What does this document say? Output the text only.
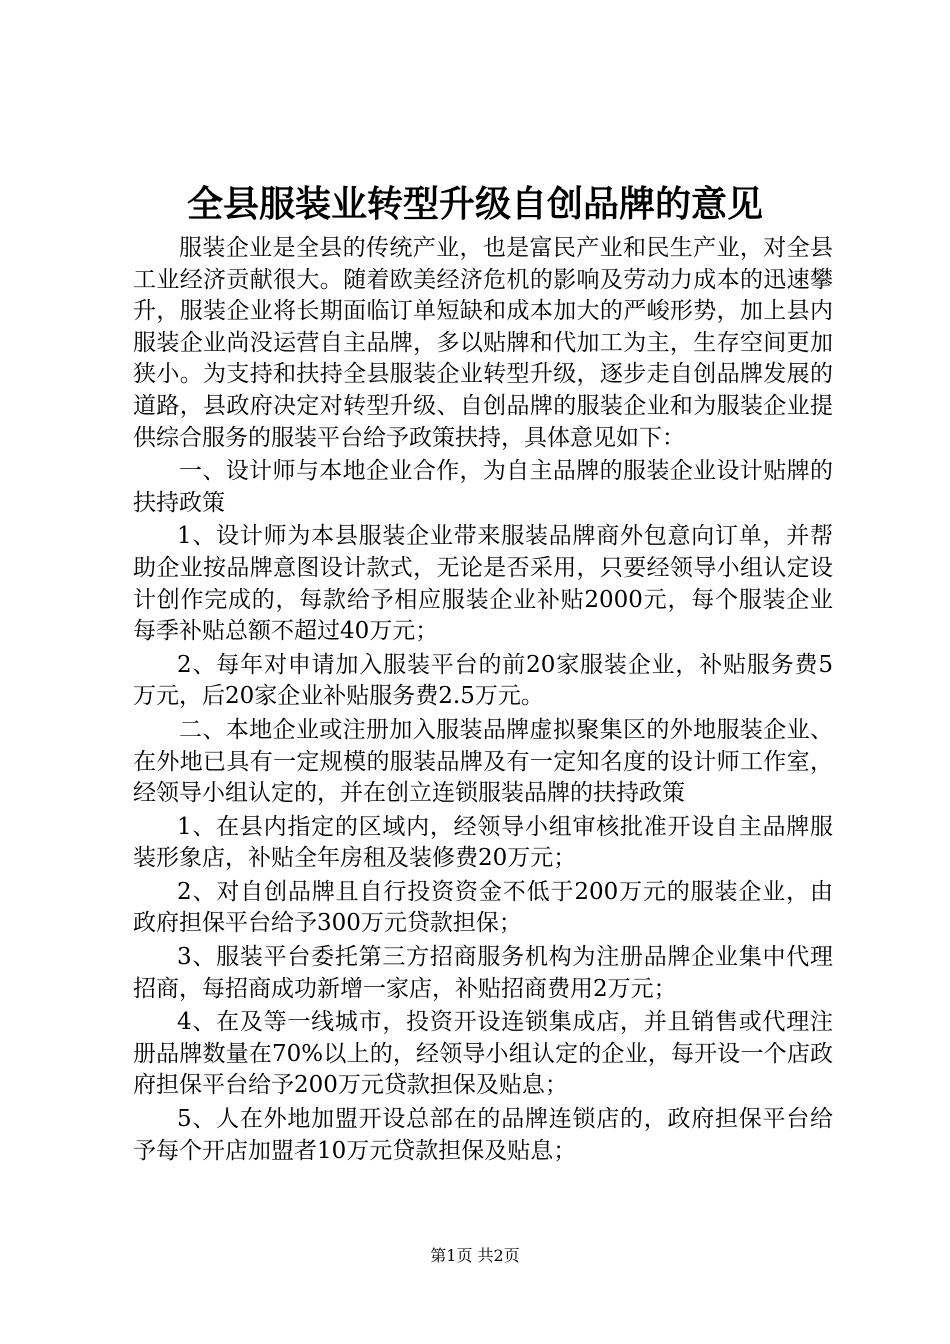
全县服装业转型升级自创品牌的意见

服装企业是全县的传统产业，也是富民产业和民生产业，对全县工业经济贡献很大。随着欧美经济危机的影响及劳动力成本的迅速攀升，服装企业将长期面临订单短缺和成本加大的严峻形势，加上县内服装企业尚没运营自主品牌，多以贴牌和代加工为主，生存空间更加狭小。为支持和扶持全县服装企业转型升级，逐步走自创品牌发展的道路，县政府决定对转型升级、自创品牌的服装企业和为服装企业提供综合服务的服装平台给予政策扶持，具体意见如下：

一、设计师与本地企业合作，为自主品牌的服装企业设计贴牌的扶持政策

1、设计师为本县服装企业带来服装品牌商外包意向订单，并帮助企业按品牌意图设计款式，无论是否采用，只要经领导小组认定设计创作完成的，每款给予相应服装企业补贴2000元，每个服装企业每季补贴总额不超过40万元；

2、每年对申请加入服装平台的前20家服装企业，补贴服务费5万元，后20家企业补贴服务费2.5万元。

二、本地企业或注册加入服装品牌虚拟聚集区的外地服装企业、在外地已具有一定规模的服装品牌及有一定知名度的设计师工作室，经领导小组认定的，并在创立连锁服装品牌的扶持政策

1、在县内指定的区域内，经领导小组审核批准开设自主品牌服装形象店，补贴全年房租及装修费20万元；

2、对自创品牌且自行投资资金不低于200万元的服装企业，由政府担保平台给予300万元贷款担保；

3、服装平台委托第三方招商服务机构为注册品牌企业集中代理招商，每招商成功新增一家店，补贴招商费用2万元；

4、在及等一线城市，投资开设连锁集成店，并且销售或代理注册品牌数量在70%以上的，经领导小组认定的企业，每开设一个店政府担保平台给予200万元贷款担保及贴息；

5、人在外地加盟开设总部在的品牌连锁店的，政府担保平台给予每个开店加盟者10万元贷款担保及贴息；

第1页 共2页
